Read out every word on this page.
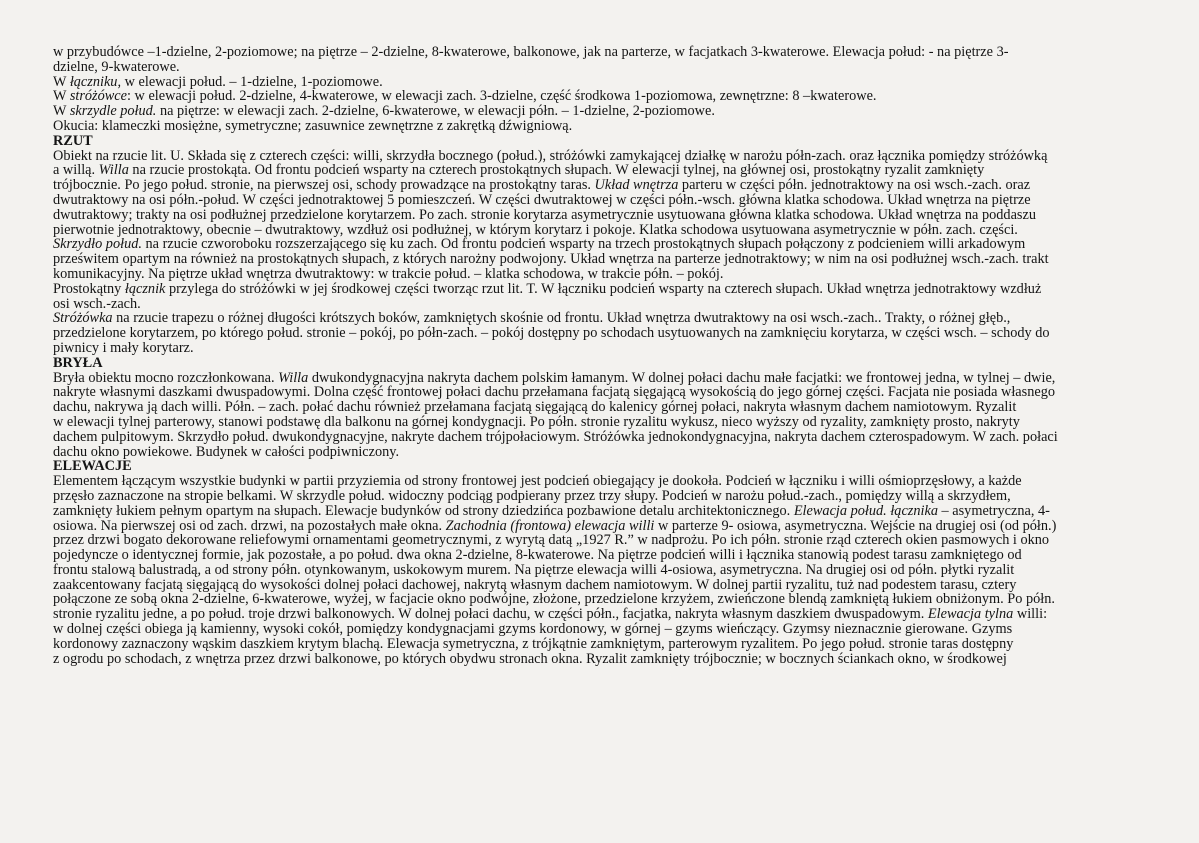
w przybudówce –1-dzielne, 2-poziomowe; na piętrze – 2-dzielne, 8-kwaterowe, balkonowe, jak na parterze, w facjatkach 3-kwaterowe. Elewacja połud: - na piętrze 3-
dzielne, 9-kwaterowe.
W łączniku, w elewacji połud. – 1-dzielne, 1-poziomowe.
W stróżówce: w elewacji połud. 2-dzielne, 4-kwaterowe, w elewacji zach. 3-dzielne, część środkowa 1-poziomowa, zewnętrzne: 8 –kwaterowe.
W skrzydle połud. na piętrze: w elewacji zach. 2-dzielne, 6-kwaterowe, w elewacji półn. – 1-dzielne, 2-poziomowe.
Okucia: klameczki mosiężne, symetryczne; zasuwnice zewnętrzne z zakrętką dźwigniową.
RZUT
Obiekt na rzucie lit. U. Składa się z czterech części: willi, skrzydła bocznego (połud.), stróżówki zamykającej działkę w narożu półn-zach. oraz łącznika pomiędzy stróżówką
a willą. Willa na rzucie prostokąta. Od frontu podcień wsparty na czterech prostokątnych słupach. W elewacji tylnej, na głównej osi, prostokątny ryzalit zamknięty
trójbocznie. Po jego połud. stronie, na pierwszej osi, schody prowadzące na prostokątny taras. Układ wnętrza parteru w części półn. jednotraktowy na osi wsch.-zach. oraz
dwutraktowy na osi półn.-połud. W części jednotraktowej 5 pomieszczeń. W części dwutraktowej w części półn.-wsch. główna klatka schodowa. Układ wnętrza na piętrze
dwutraktowy; trakty na osi podłużnej przedzielone korytarzem. Po zach. stronie korytarza asymetrycznie usytuowana główna klatka schodowa. Układ wnętrza na poddaszu
pierwotnie jednotraktowy, obecnie – dwutraktowy, wzdłuż osi podłużnej, w którym korytarz i pokoje. Klatka schodowa usytuowana asymetrycznie w półn. zach. części.
Skrzydło połud. na rzucie czworoboku rozszerzającego się ku zach. Od frontu podcień wsparty na trzech prostokątnych słupach połączony z podcieniem willi arkadowym
prześwitem opartym na również na prostokątnych słupach, z których narożny podwojony. Układ wnętrza na parterze jednotraktowy; w nim na osi podłużnej wsch.-zach. trakt
komunikacyjny. Na piętrze układ wnętrza dwutraktowy: w trakcie połud. – klatka schodowa, w trakcie półn. – pokój.
Prostokątny łącznik przylega do stróżówki w jej środkowej części tworząc rzut lit. T. W łączniku podcień wsparty na czterech słupach. Układ wnętrza jednotraktowy wzdłuż
osi wsch.-zach.
Stróżówka na rzucie trapezu o różnej długości krótszych boków, zamkniętych skośnie od frontu. Układ wnętrza dwutraktowy na osi wsch.-zach.. Trakty, o różnej głęb.,
przedzielone korytarzem, po którego połud. stronie – pokój, po półn-zach. – pokój dostępny po schodach usytuowanych na zamknięciu korytarza, w części wsch. – schody do
piwnicy i mały korytarz.
BRYŁA
Bryła obiektu mocno rozczłonkowana. Willa dwukondygnacyjna nakryta dachem polskim łamanym. W dolnej połaci dachu małe facjatki: we frontowej jedna, w tylnej – dwie,
nakryte własnymi daszkami dwuspadowymi. Dolna część frontowej połaci dachu przełamana facjatą sięgającą wysokością do jego górnej części. Facjata nie posiada własnego
dachu, nakrywa ją dach willi. Półn. – zach. połać dachu również przełamana facjatą sięgającą do kalenicy górnej połaci, nakryta własnym dachem namiotowym. Ryzalit
w elewacji tylnej parterowy, stanowi podstawę dla balkonu na górnej kondygnacji. Po półn. stronie ryzalitu wykusz, nieco wyższy od ryzality, zamknięty prosto, nakryty
dachem pulpitowym. Skrzydło połud. dwukondygnacyjne, nakryte dachem trójpołaciowym. Stróżówka jednokondygnacyjna, nakryta dachem czterospadowym. W zach. połaci
dachu okno powiekowe. Budynek w całości podpiwniczony.
ELEWACJE
Elementem łączącym wszystkie budynki w partii przyziemia od strony frontowej jest podcień obiegający je dookoła. Podcień w łączniku i willi ośmioprzęsłowy, a każde
przęsło zaznaczone na stropie belkami. W skrzydle połud. widoczny podciąg podpierany przez trzy słupy. Podcień w narożu połud.-zach., pomiędzy willą a skrzydłem,
zamknięty łukiem pełnym opartym na słupach. Elewacje budynków od strony dziedzińca pozbawione detalu architektonicznego. Elewacja połud. łącznika – asymetryczna, 4-
osiowa. Na pierwszej osi od zach. drzwi, na pozostałych małe okna. Zachodnia (frontowa) elewacja willi w parterze 9- osiowa, asymetryczna. Wejście na drugiej osi (od półn.)
przez drzwi bogato dekorowane reliefowymi ornamentami geometrycznymi, z wyrytą datą „1927 R.” w nadprożu. Po ich półn. stronie rząd czterech okien pasmowych i okno
pojedyncze o identycznej formie, jak pozostałe, a po połud. dwa okna 2-dzielne, 8-kwaterowe. Na piętrze podcień willi i łącznika stanowią podest tarasu zamkniętego od
frontu stalową balustradą, a od strony półn. otynkowanym, uskokowym murem. Na piętrze elewacja willi 4-osiowa, asymetryczna. Na drugiej osi od półn. płytki ryzalit
zaakcentowany facjatą sięgającą do wysokości dolnej połaci dachowej, nakrytą własnym dachem namiotowym. W dolnej partii ryzalitu, tuż nad podestem tarasu, cztery
połączone ze sobą okna 2-dzielne, 6-kwaterowe, wyżej, w facjacie okno podwójne, złożone, przedzielone krzyżem, zwieńczone blendą zamkniętą łukiem obniżonym. Po półn.
stronie ryzalitu jedne, a po połud. troje drzwi balkonowych. W dolnej połaci dachu, w części półn., facjatka, nakryta własnym daszkiem dwuspadowym. Elewacja tylna willi:
w dolnej części obiega ją kamienny, wysoki cokół, pomiędzy kondygnacjami gzyms kordonowy, w górnej – gzyms wieńczący. Gzymsy nieznacznie gierowane. Gzyms
kordonowy zaznaczony wąskim daszkiem krytym blachą. Elewacja symetryczna, z trójkątnie zamkniętym, parterowym ryzalitem. Po jego połud. stronie taras dostępny
z ogrodu po schodach, z wnętrza przez drzwi balkonowe, po których obydwu stronach okna. Ryzalit zamknięty trójbocznie; w bocznych ściankach okno, w środkowej
